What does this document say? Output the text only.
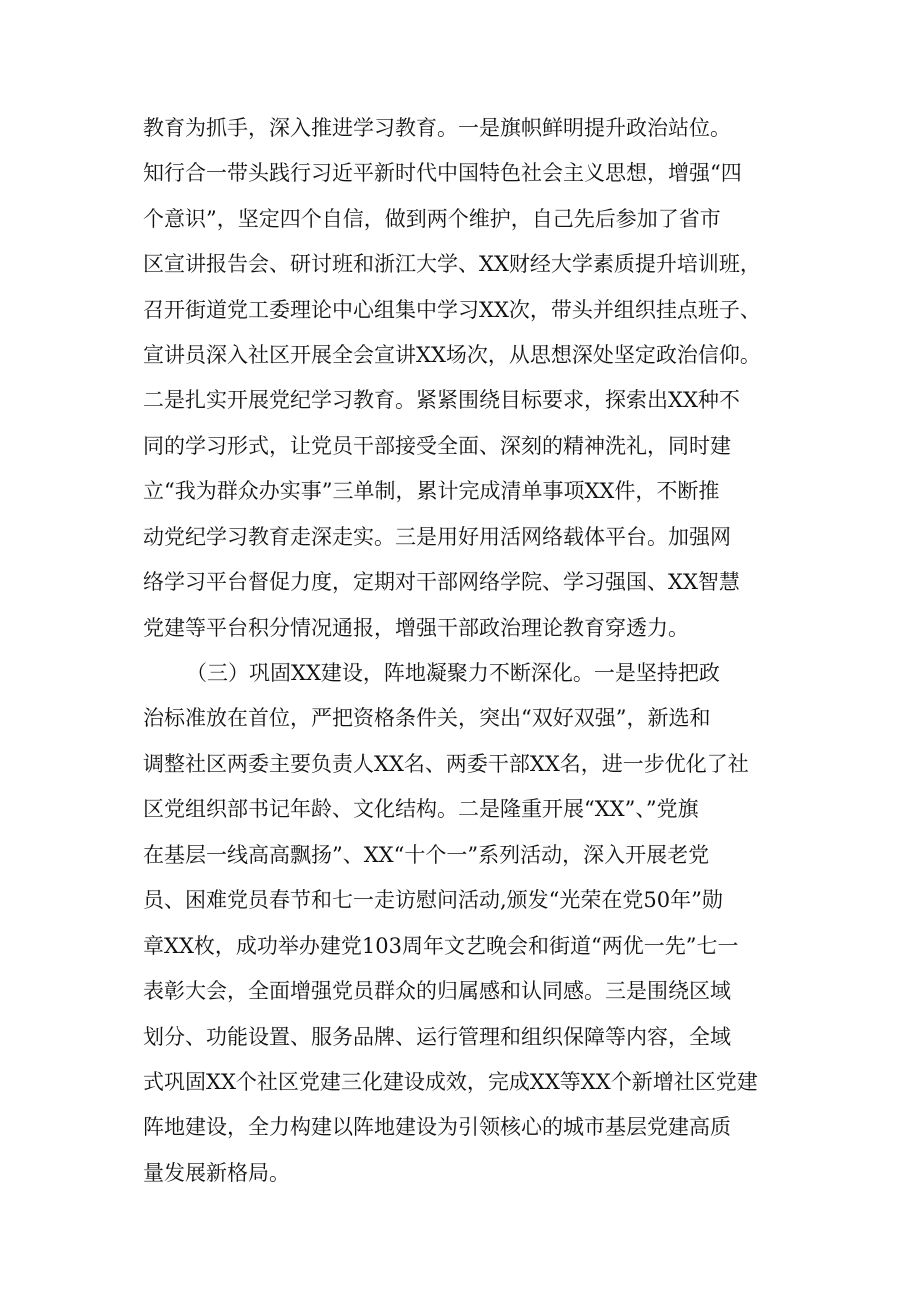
教育为抓手，深入推进学习教育。一是旗帜鲜明提升政治站位。
知行合一带头践行习近平新时代中国特色社会主义思想，增强“四
个意识”，坚定四个自信，做到两个维护，自己先后参加了省市
区宣讲报告会、研讨班和浙江大学、XX财经大学素质提升培训班，
召开街道党工委理论中心组集中学习XX次，带头并组织挂点班子、
宣讲员深入社区开展全会宣讲XX场次，从思想深处坚定政治信仰。
二是扎实开展党纪学习教育。紧紧围绕目标要求，探索出XX种不
同的学习形式，让党员干部接受全面、深刻的精神洗礼，同时建
立“我为群众办实事”三单制，累计完成清单事项XX件，不断推
动党纪学习教育走深走实。三是用好用活网络载体平台。加强网
络学习平台督促力度，定期对干部网络学院、学习强国、XX智慧
党建等平台积分情况通报，增强干部政治理论教育穿透力。
（三）巩固XX建设，阵地凝聚力不断深化。一是坚持把政
治标准放在首位，严把资格条件关，突出“双好双强”，新选和
调整社区两委主要负责人XX名、两委干部XX名，进一步优化了社
区党组织部书记年龄、文化结构。二是隆重开展“XX”、”党旗
在基层一线高高飘扬”、XX“十个一”系列活动，深入开展老党
员、困难党员春节和七一走访慰问活动,颁发“光荣在党50年”勋
章XX枚，成功举办建党103周年文艺晚会和街道“两优一先”七一
表彰大会，全面增强党员群众的归属感和认同感。三是围绕区域
划分、功能设置、服务品牌、运行管理和组织保障等内容，全域
式巩固XX个社区党建三化建设成效，完成XX等XX个新增社区党建
阵地建设，全力构建以阵地建设为引领核心的城市基层党建高质
量发展新格局。
